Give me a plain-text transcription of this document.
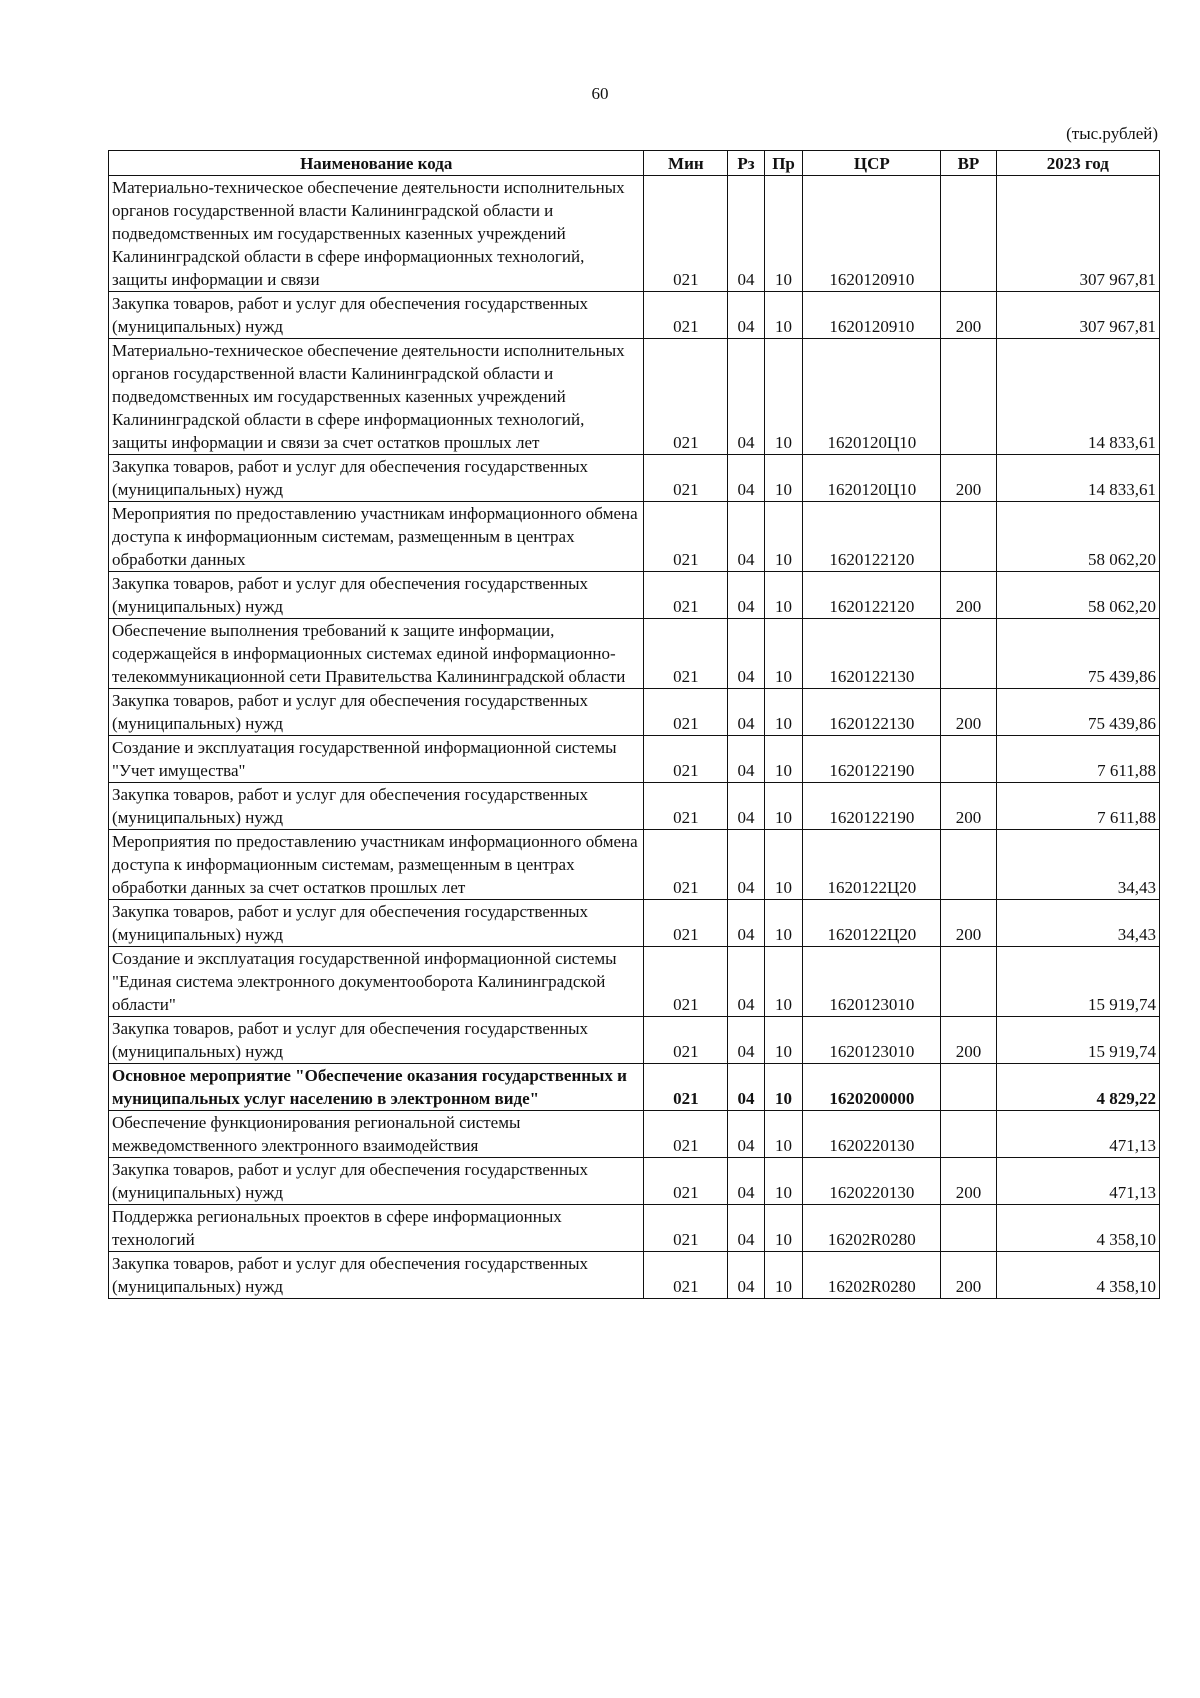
60
(тыс.рублей)
Наименование кода	Мин	Рз	Пр	ЦСР	ВР	2023 год
Материально-техническое обеспечение деятельности исполнительных органов государственной власти Калининградской области и подведомственных им государственных казенных учреждений Калининградской области в сфере информационных технологий, защиты информации и связи	021	04	10	1620120910		307 967,81
Закупка товаров, работ и услуг для обеспечения государственных (муниципальных) нужд	021	04	10	1620120910	200	307 967,81
Материально-техническое обеспечение деятельности исполнительных органов государственной власти Калининградской области и подведомственных им государственных казенных учреждений Калининградской области в сфере информационных технологий, защиты информации и связи за счет остатков прошлых лет	021	04	10	1620120Ц10		14 833,61
Закупка товаров, работ и услуг для обеспечения государственных (муниципальных) нужд	021	04	10	1620120Ц10	200	14 833,61
Мероприятия по предоставлению участникам информационного обмена доступа к информационным системам, размещенным в центрах обработки данных	021	04	10	1620122120		58 062,20
Закупка товаров, работ и услуг для обеспечения государственных (муниципальных) нужд	021	04	10	1620122120	200	58 062,20
Обеспечение выполнения требований к защите информации, содержащейся в информационных системах единой информационно-телекоммуникационной сети Правительства Калининградской области	021	04	10	1620122130		75 439,86
Закупка товаров, работ и услуг для обеспечения государственных (муниципальных) нужд	021	04	10	1620122130	200	75 439,86
Создание и эксплуатация государственной информационной системы "Учет имущества"	021	04	10	1620122190		7 611,88
Закупка товаров, работ и услуг для обеспечения государственных (муниципальных) нужд	021	04	10	1620122190	200	7 611,88
Мероприятия по предоставлению участникам информационного обмена доступа к информационным системам, размещенным в центрах обработки данных за счет остатков прошлых лет	021	04	10	1620122Ц20		34,43
Закупка товаров, работ и услуг для обеспечения государственных (муниципальных) нужд	021	04	10	1620122Ц20	200	34,43
Создание и эксплуатация государственной информационной системы "Единая система электронного документооборота Калининградской области"	021	04	10	1620123010		15 919,74
Закупка товаров, работ и услуг для обеспечения государственных (муниципальных) нужд	021	04	10	1620123010	200	15 919,74
Основное мероприятие "Обеспечение оказания государственных и муниципальных услуг населению в электронном виде"	021	04	10	1620200000		4 829,22
Обеспечение функционирования региональной системы межведомственного электронного взаимодействия	021	04	10	1620220130		471,13
Закупка товаров, работ и услуг для обеспечения государственных (муниципальных) нужд	021	04	10	1620220130	200	471,13
Поддержка региональных проектов в сфере информационных технологий	021	04	10	16202R0280		4 358,10
Закупка товаров, работ и услуг для обеспечения государственных (муниципальных) нужд	021	04	10	16202R0280	200	4 358,10
